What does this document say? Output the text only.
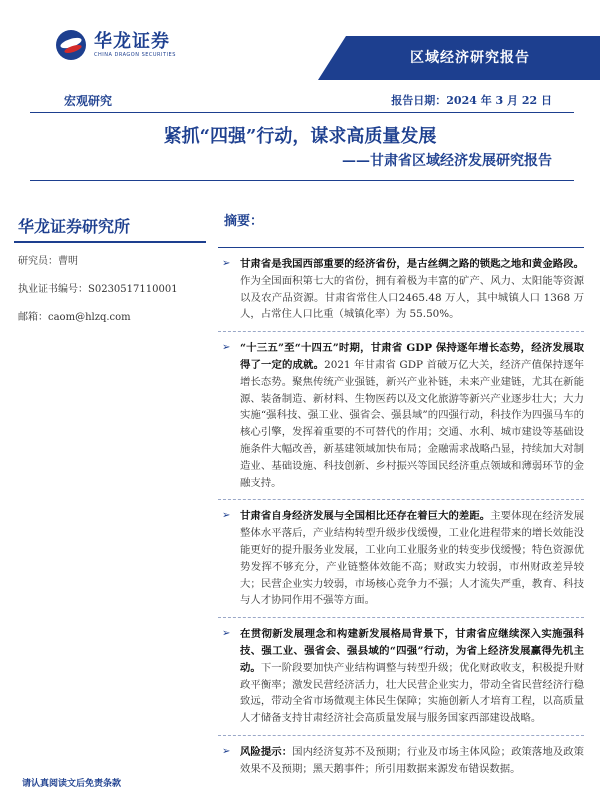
华龙证券
CHINA DRAGON SECURITIES	区域经济研究报告
宏观研究	报告日期：2024 年 3 月 22 日
紧抓“四强”行动，谋求高质量发展
——甘肃省区域经济发展研究报告
华龙证券研究所
研究员：曹明
执业证书编号：S0230517110001
邮箱：caom@hlzq.com
请认真阅读文后免责条款
摘要：
➢ 甘肃省是我国西部重要的经济省份，是古丝绸之路的锁匙之地和黄金路段。作为全国面积第七大的省份，拥有着极为丰富的矿产、风力、太阳能等资源以及农产品资源。甘肃省常住人口2465.48 万人，其中城镇人口 1368 万人，占常住人口比重（城镇化率）为 55.50%。
➢ “十三五”至“十四五”时期，甘肃省 GDP 保持逐年增长态势，经济发展取得了一定的成就。2021 年甘肃省 GDP 首破万亿大关，经济产值保持逐年增长态势。聚焦传统产业强链，新兴产业补链，未来产业建链，尤其在新能源、装备制造、新材料、生物医药以及文化旅游等新兴产业逐步壮大；大力实施“强科技、强工业、强省会、强县域”的四强行动，科技作为四强马车的核心引擎，发挥着重要的不可替代的作用；交通、水利、城市建设等基础设施条件大幅改善，新基建领域加快布局；金融需求战略凸显，持续加大对制造业、基础设施、科技创新、乡村振兴等国民经济重点领域和薄弱环节的金融支持。
➢ 甘肃省自身经济发展与全国相比还存在着巨大的差距。主要体现在经济发展整体水平落后，产业结构转型升级步伐缓慢，工业化进程带来的增长效能没能更好的提升服务业发展，工业向工业服务业的转变步伐缓慢；特色资源优势发挥不够充分，产业链整体效能不高；财政实力较弱，市州财政差异较大；民营企业实力较弱，市场核心竞争力不强；人才流失严重，教育、科技与人才协同作用不强等方面。
➢ 在贯彻新发展理念和构建新发展格局背景下，甘肃省应继续深入实施强科技、强工业、强省会、强县域的“四强”行动，为省上经济发展赢得先机主动。下一阶段要加快产业结构调整与转型升级；优化财政收支，积极提升财政平衡率；激发民营经济活力，壮大民营企业实力，带动全省民营经济行稳致远，带动全省市场微观主体民生保障；实施创新人才培育工程，以高质量人才储备支持甘肃经济社会高质量发展与服务国家西部建设战略。
➢ 风险提示：国内经济复苏不及预期；行业及市场主体风险；政策落地及政策效果不及预期；黑天鹅事件；所引用数据来源发布错误数据。
